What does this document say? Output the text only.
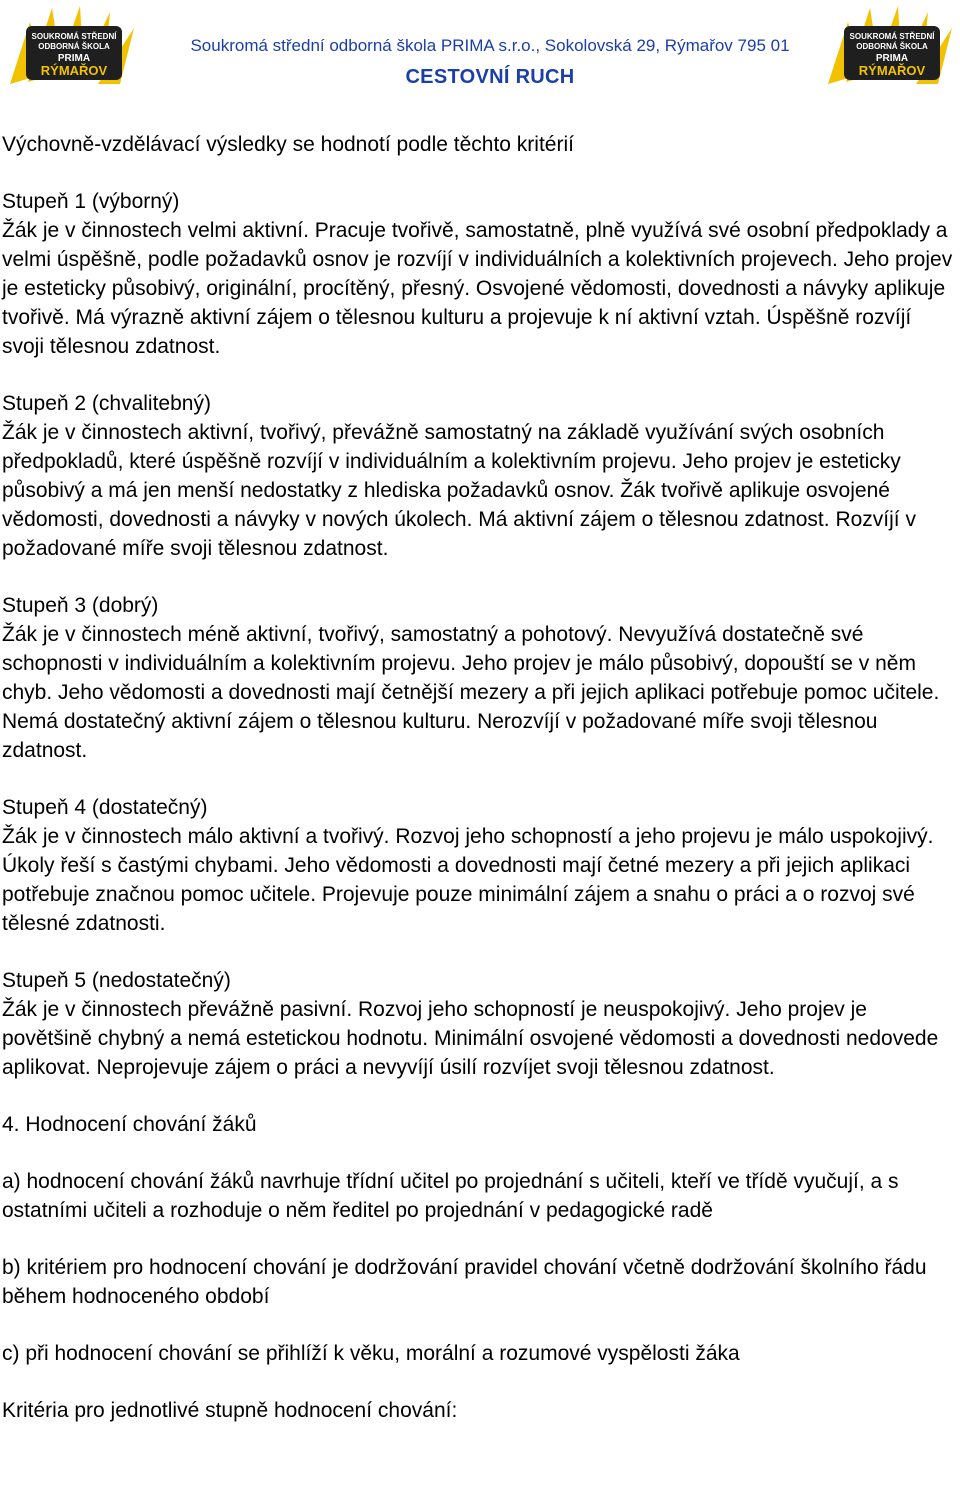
SOUKROMÁ STŘEDNÍ
ODBORNÁ ŠKOLA
PRIMA
RÝMAŘOV
Soukromá střední odborná škola PRIMA s.r.o., Sokolovská 29, Rýmařov 795 01
CESTOVNÍ RUCH
SOUKROMÁ STŘEDNÍ
ODBORNÁ ŠKOLA
PRIMA
RÝMAŘOV

Výchovně-vzdělávací výsledky se hodnotí podle těchto kritérií

Stupeň 1 (výborný)

Žák je v činnostech velmi aktivní. Pracuje tvořivě, samostatně, plně využívá své osobní předpoklady a velmi úspěšně, podle požadavků osnov je rozvíjí v individuálních a kolektivních projevech. Jeho projev je esteticky působivý, originální, procítěný, přesný. Osvojené vědomosti, dovednosti a návyky aplikuje tvořivě. Má výrazně aktivní zájem o tělesnou kulturu a projevuje k ní aktivní vztah. Úspěšně rozvíjí svoji tělesnou zdatnost.

Stupeň 2 (chvalitebný)

Žák je v činnostech aktivní, tvořivý, převážně samostatný na základě využívání svých osobních předpokladů, které úspěšně rozvíjí v individuálním a kolektivním projevu. Jeho projev je esteticky působivý a má jen menší nedostatky z hlediska požadavků osnov. Žák tvořivě aplikuje osvojené vědomosti, dovednosti a návyky v nových úkolech. Má aktivní zájem o tělesnou zdatnost. Rozvíjí v požadované míře svoji tělesnou zdatnost.

Stupeň 3 (dobrý)

Žák je v činnostech méně aktivní, tvořivý, samostatný a pohotový. Nevyužívá dostatečně své schopnosti v individuálním a kolektivním projevu. Jeho projev je málo působivý, dopouští se v něm chyb. Jeho vědomosti a dovednosti mají četnější mezery a při jejich aplikaci potřebuje pomoc učitele. Nemá dostatečný aktivní zájem o tělesnou kulturu. Nerozvíjí v požadované míře svoji tělesnou zdatnost.

Stupeň 4 (dostatečný)

Žák je v činnostech málo aktivní a tvořivý. Rozvoj jeho schopností a jeho projevu je málo uspokojivý. Úkoly řeší s častými chybami. Jeho vědomosti a dovednosti mají četné mezery a při jejich aplikaci potřebuje značnou pomoc učitele. Projevuje pouze minimální zájem a snahu o práci a o rozvoj své tělesné zdatnosti.

Stupeň 5 (nedostatečný)

Žák je v činnostech převážně pasivní. Rozvoj jeho schopností je neuspokojivý. Jeho projev je povětšině chybný a nemá estetickou hodnotu. Minimální osvojené vědomosti a dovednosti nedovede aplikovat. Neprojevuje zájem o práci a nevyvíjí úsilí rozvíjet svoji tělesnou zdatnost.

4. Hodnocení chování žáků

a) hodnocení chování žáků navrhuje třídní učitel po projednání s učiteli, kteří ve třídě vyučují, a s ostatními učiteli a rozhoduje o něm ředitel po projednání v pedagogické radě

b) kritériem pro hodnocení chování je dodržování pravidel chování včetně dodržování školního řádu během hodnoceného období

c) při hodnocení chování se přihlíží k věku, morální a rozumové vyspělosti žáka

Kritéria pro jednotlivé stupně hodnocení chování:
